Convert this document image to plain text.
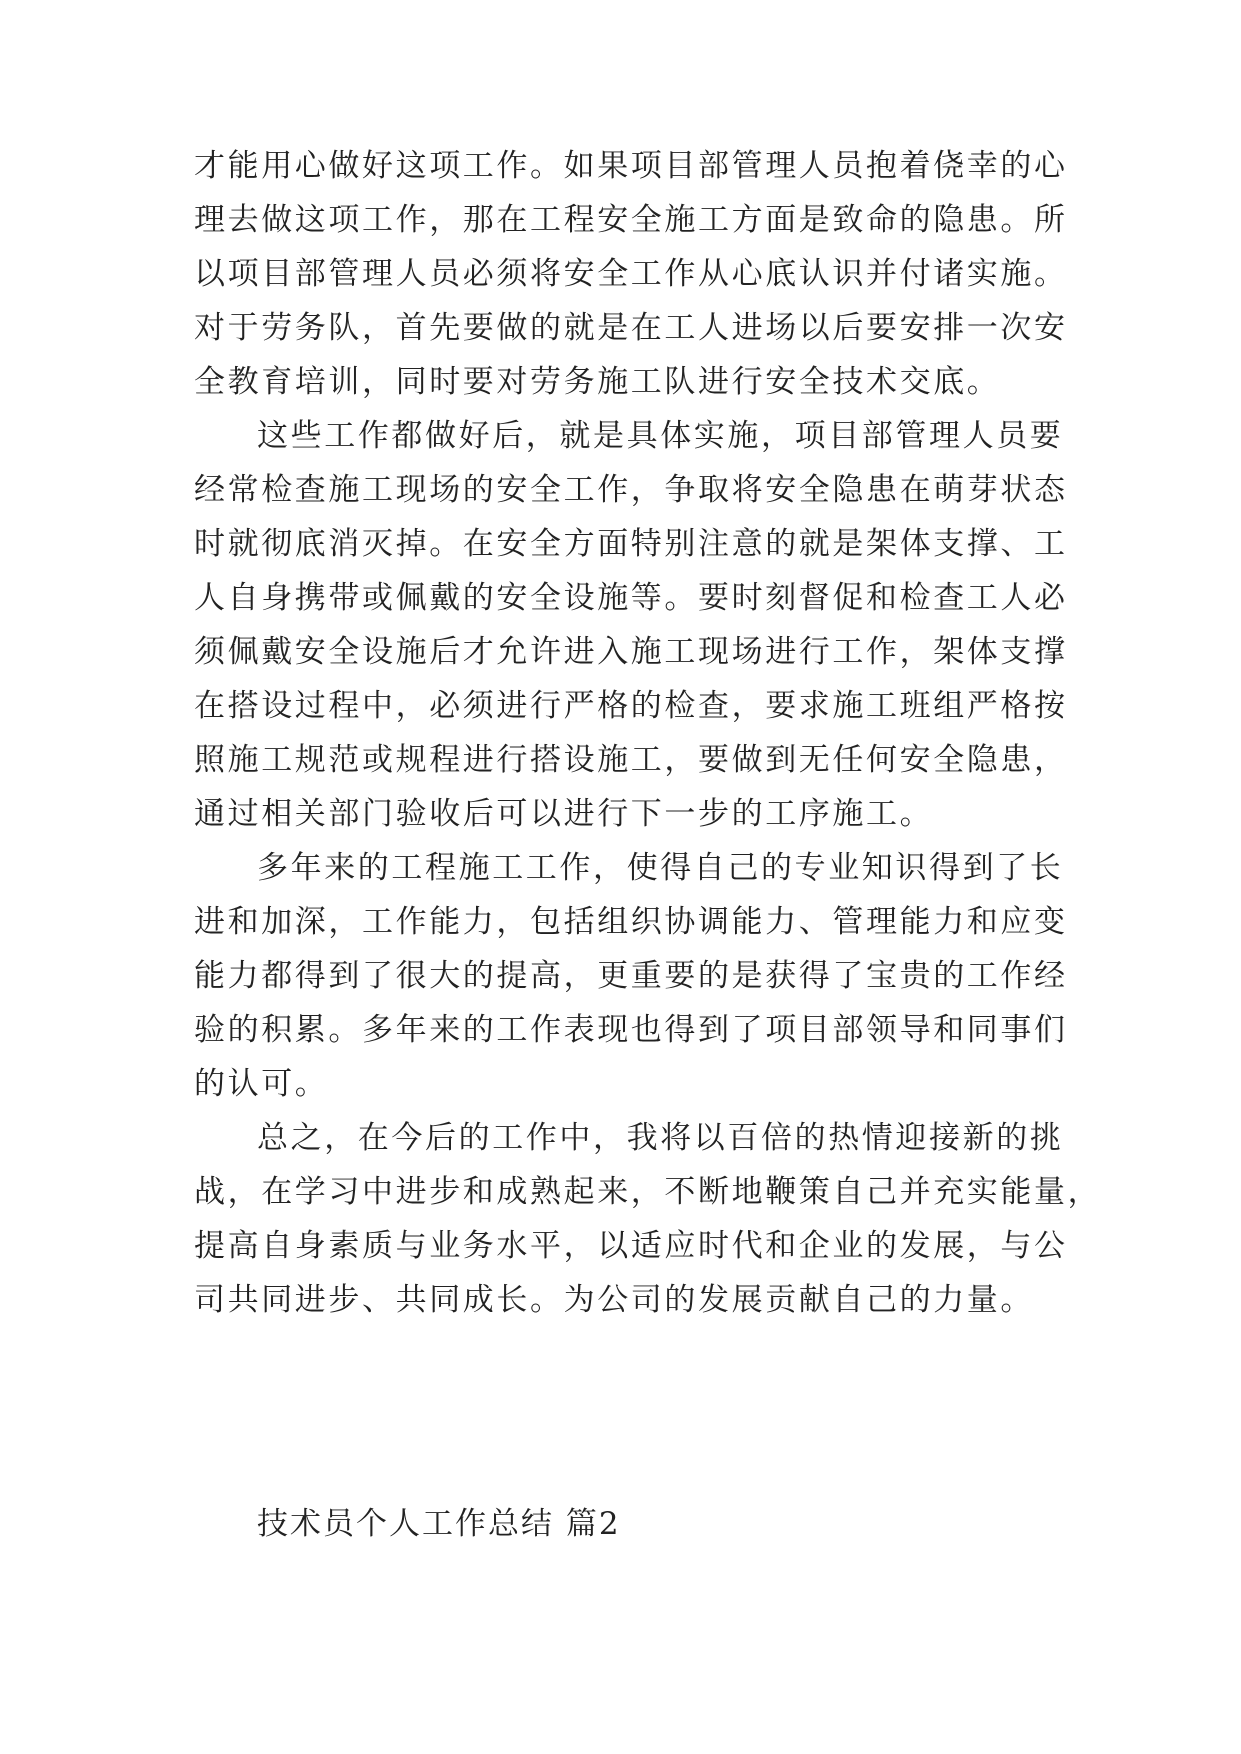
才能用心做好这项工作。如果项目部管理人员抱着侥幸的心
理去做这项工作，那在工程安全施工方面是致命的隐患。所
以项目部管理人员必须将安全工作从心底认识并付诸实施。
对于劳务队，首先要做的就是在工人进场以后要安排一次安
全教育培训，同时要对劳务施工队进行安全技术交底。
这些工作都做好后，就是具体实施，项目部管理人员要
经常检查施工现场的安全工作，争取将安全隐患在萌芽状态
时就彻底消灭掉。在安全方面特别注意的就是架体支撑、工
人自身携带或佩戴的安全设施等。要时刻督促和检查工人必
须佩戴安全设施后才允许进入施工现场进行工作，架体支撑
在搭设过程中，必须进行严格的检查，要求施工班组严格按
照施工规范或规程进行搭设施工，要做到无任何安全隐患，
通过相关部门验收后可以进行下一步的工序施工。
多年来的工程施工工作，使得自己的专业知识得到了长
进和加深，工作能力，包括组织协调能力、管理能力和应变
能力都得到了很大的提高，更重要的是获得了宝贵的工作经
验的积累。多年来的工作表现也得到了项目部领导和同事们
的认可。
总之，在今后的工作中，我将以百倍的热情迎接新的挑
战，在学习中进步和成熟起来，不断地鞭策自己并充实能量，
提高自身素质与业务水平，以适应时代和企业的发展，与公
司共同进步、共同成长。为公司的发展贡献自己的力量。
技术员个人工作总结 篇2
